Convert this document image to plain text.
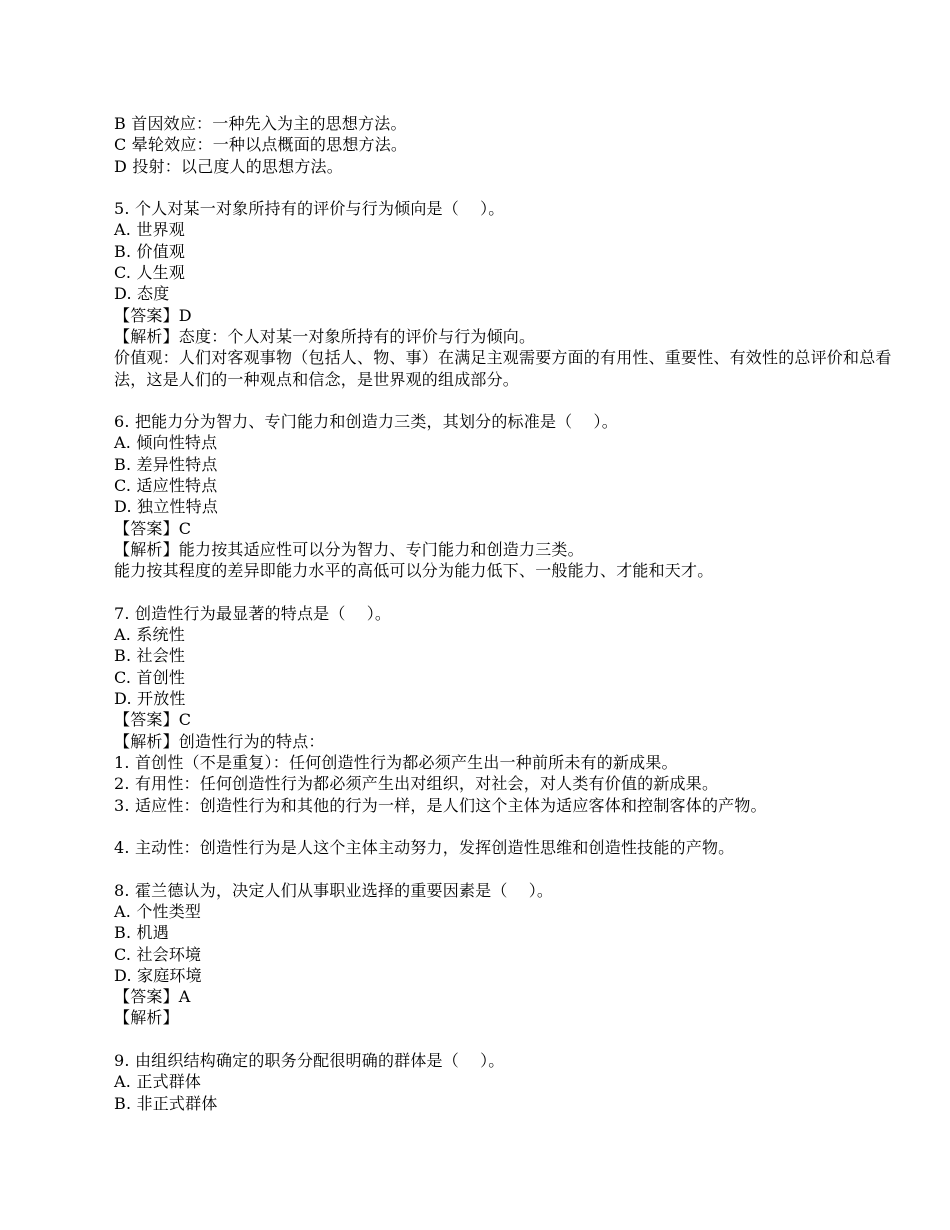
B 首因效应：一种先入为主的思想方法。
C 晕轮效应：一种以点概面的思想方法。
D 投射：以己度人的思想方法。
5. 个人对某一对象所持有的评价与行为倾向是（    ）。
A. 世界观
B. 价值观
C. 人生观
D. 态度
【答案】D
【解析】态度：个人对某一对象所持有的评价与行为倾向。
价值观：人们对客观事物（包括人、物、事）在满足主观需要方面的有用性、重要性、有效性的总评价和总看法，这是人们的一种观点和信念，是世界观的组成部分。
6. 把能力分为智力、专门能力和创造力三类，其划分的标准是（    ）。
A. 倾向性特点
B. 差异性特点
C. 适应性特点
D. 独立性特点
【答案】C
【解析】能力按其适应性可以分为智力、专门能力和创造力三类。
能力按其程度的差异即能力水平的高低可以分为能力低下、一般能力、才能和天才。
7. 创造性行为最显著的特点是（    ）。
A. 系统性
B. 社会性
C. 首创性
D. 开放性
【答案】C
【解析】创造性行为的特点：
1. 首创性（不是重复）：任何创造性行为都必须产生出一种前所未有的新成果。
2. 有用性：任何创造性行为都必须产生出对组织，对社会，对人类有价值的新成果。
3. 适应性：创造性行为和其他的行为一样，是人们这个主体为适应客体和控制客体的产物。
4. 主动性：创造性行为是人这个主体主动努力，发挥创造性思维和创造性技能的产物。
8. 霍兰德认为，决定人们从事职业选择的重要因素是（    ）。
A. 个性类型
B. 机遇
C. 社会环境
D. 家庭环境
【答案】A
【解析】
9. 由组织结构确定的职务分配很明确的群体是（    ）。
A. 正式群体
B. 非正式群体
